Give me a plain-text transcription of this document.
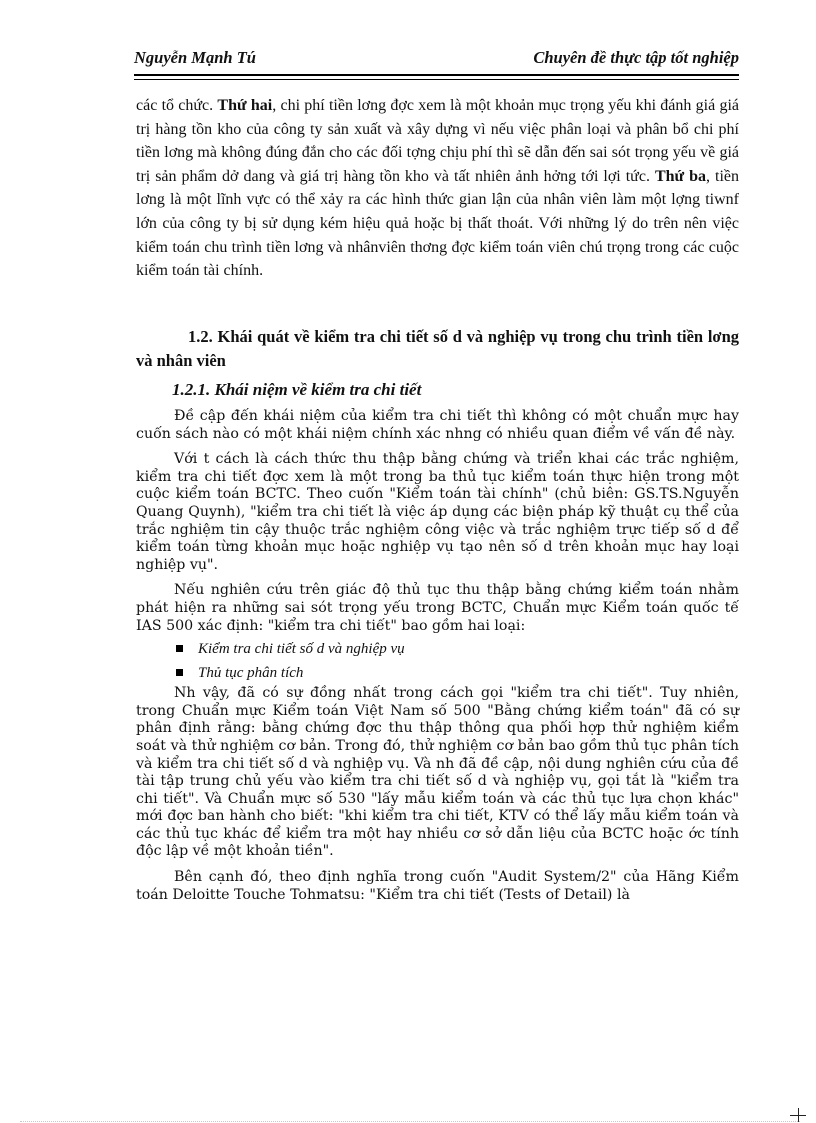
Nguyễn Mạnh Tú	Chuyên đề thực tập tốt nghiệp

các tổ chức. Thứ hai, chi phí tiền lơng đợc xem là một khoản mục trọng yếu khi đánh giá giá trị hàng tồn kho của công ty sản xuất và xây dựng vì nếu việc phân loại và phân bổ chi phí tiền lơng mà không đúng đắn cho các đối tợng chịu phí thì sẽ dẫn đến sai sót trọng yếu về giá trị sản phẩm dở dang và giá trị hàng tồn kho và tất nhiên ảnh hởng tới lợi tức. Thứ ba, tiền lơng là một lĩnh vực có thể xảy ra các hình thức gian lận của nhân viên làm một lợng tiwnf lớn của công ty bị sử dụng kém hiệu quả hoặc bị thất thoát. Với những lý do trên nên việc kiểm toán chu trình tiền lơng và nhânviên thơng đợc kiểm toán viên chú trọng trong các cuộc kiểm toán tài chính.

1.2. Khái quát về kiểm tra chi tiết số d và nghiệp vụ trong chu trình tiền lơng và nhân viên

1.2.1. Khái niệm về kiểm tra chi tiết

Đề cập đến khái niệm của kiểm tra chi tiết thì không có một chuẩn mực hay cuốn sách nào có một khái niệm chính xác nhng có nhiều quan điểm về vấn đề này.

Với t cách là cách thức thu thập bằng chứng và triển khai các trắc nghiệm, kiểm tra chi tiết đợc xem là một trong ba thủ tục kiểm toán thực hiện trong một cuộc kiểm toán BCTC. Theo cuốn "Kiểm toán tài chính" (chủ biên: GS.TS.Nguyễn Quang Quynh), "kiểm tra chi tiết là việc áp dụng các biện pháp kỹ thuật cụ thể của trắc nghiệm tin cậy thuộc trắc nghiệm công việc và trắc nghiệm trực tiếp số d để kiểm toán từng khoản mục hoặc nghiệp vụ tạo nên số d trên khoản mục hay loại nghiệp vụ".

Nếu nghiên cứu trên giác độ thủ tục thu thập bằng chứng kiểm toán nhằm phát hiện ra những sai sót trọng yếu trong BCTC, Chuẩn mực Kiểm toán quốc tế IAS 500 xác định: "kiểm tra chi tiết" bao gồm hai loại:

Kiểm tra chi tiết số d và nghiệp vụ
Thủ tục phân tích

Nh vậy, đã có sự đồng nhất trong cách gọi "kiểm tra chi tiết". Tuy nhiên, trong Chuẩn mực Kiểm toán Việt Nam số 500 "Bằng chứng kiểm toán" đã có sự phân định rằng: bằng chứng đợc thu thập thông qua phối hợp thử nghiệm kiểm soát và thử nghiệm cơ bản. Trong đó, thử nghiệm cơ bản bao gồm thủ tục phân tích và kiểm tra chi tiết số d và nghiệp vụ. Và nh đã đề cập, nội dung nghiên cứu của đề tài tập trung chủ yếu vào kiểm tra chi tiết số d và nghiệp vụ, gọi tắt là "kiểm tra chi tiết". Và Chuẩn mực số 530 "lấy mẫu kiểm toán và các thủ tục lựa chọn khác" mới đợc ban hành cho biết: "khi kiểm tra chi tiết, KTV có thể lấy mẫu kiểm toán và các thủ tục khác để kiểm tra một hay nhiều cơ sở dẫn liệu của BCTC hoặc ớc tính độc lập về một khoản tiền".

Bên cạnh đó, theo định nghĩa trong cuốn "Audit System/2" của Hãng Kiểm toán Deloitte Touche Tohmatsu: "Kiểm tra chi tiết (Tests of Detail) là
